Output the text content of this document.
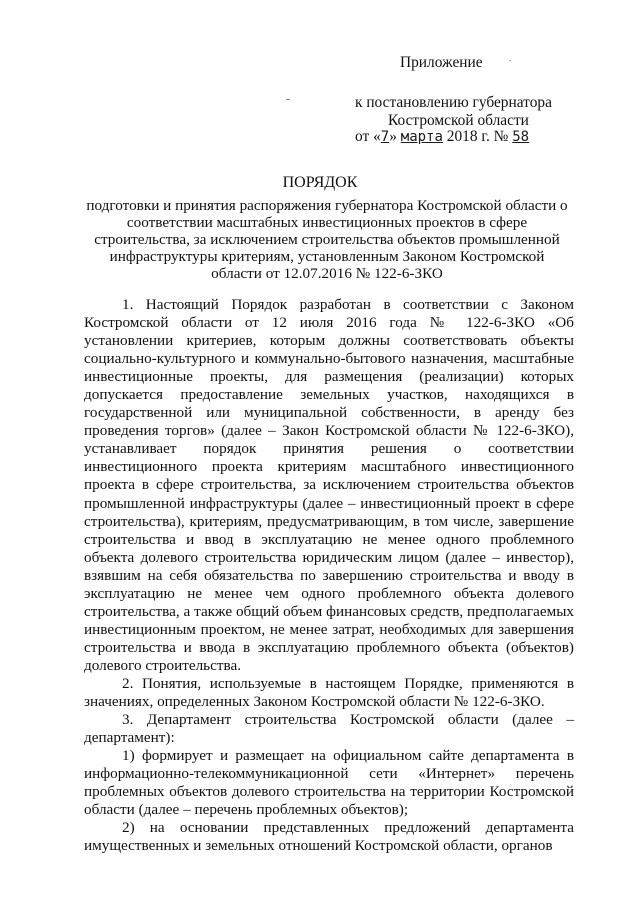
Приложение
к постановлению губернатора
Костромской области
от «7» марта 2018 г. № 58
ПОРЯДОК
подготовки и принятия распоряжения губернатора Костромской области о соответствии масштабных инвестиционных проектов в сфере строительства, за исключением строительства объектов промышленной инфраструктуры критериям, установленным Законом Костромской области от 12.07.2016 № 122-6-ЗКО

1. Настоящий Порядок разработан в соответствии с Законом Костромской области от 12 июля 2016 года № 122-6-ЗКО «Об установлении критериев, которым должны соответствовать объекты социально-культурного и коммунально-бытового назначения, масштабные инвестиционные проекты, для размещения (реализации) которых допускается предоставление земельных участков, находящихся в государственной или муниципальной собственности, в аренду без проведения торгов» (далее – Закон Костромской области № 122-6-ЗКО), устанавливает порядок принятия решения о соответствии инвестиционного проекта критериям масштабного инвестиционного проекта в сфере строительства, за исключением строительства объектов промышленной инфраструктуры (далее – инвестиционный проект в сфере строительства), критериям, предусматривающим, в том числе, завершение строительства и ввод в эксплуатацию не менее одного проблемного объекта долевого строительства юридическим лицом (далее – инвестор), взявшим на себя обязательства по завершению строительства и вводу в эксплуатацию не менее чем одного проблемного объекта долевого строительства, а также общий объем финансовых средств, предполагаемых инвестиционным проектом, не менее затрат, необходимых для завершения строительства и ввода в эксплуатацию проблемного объекта (объектов) долевого строительства.

2. Понятия, используемые в настоящем Порядке, применяются в значениях, определенных Законом Костромской области № 122-6-ЗКО.

3. Департамент строительства Костромской области (далее – департамент):

1) формирует и размещает на официальном сайте департамента в информационно-телекоммуникационной сети «Интернет» перечень проблемных объектов долевого строительства на территории Костромской области (далее – перечень проблемных объектов);

2) на основании представленных предложений департамента имущественных и земельных отношений Костромской области, органов
